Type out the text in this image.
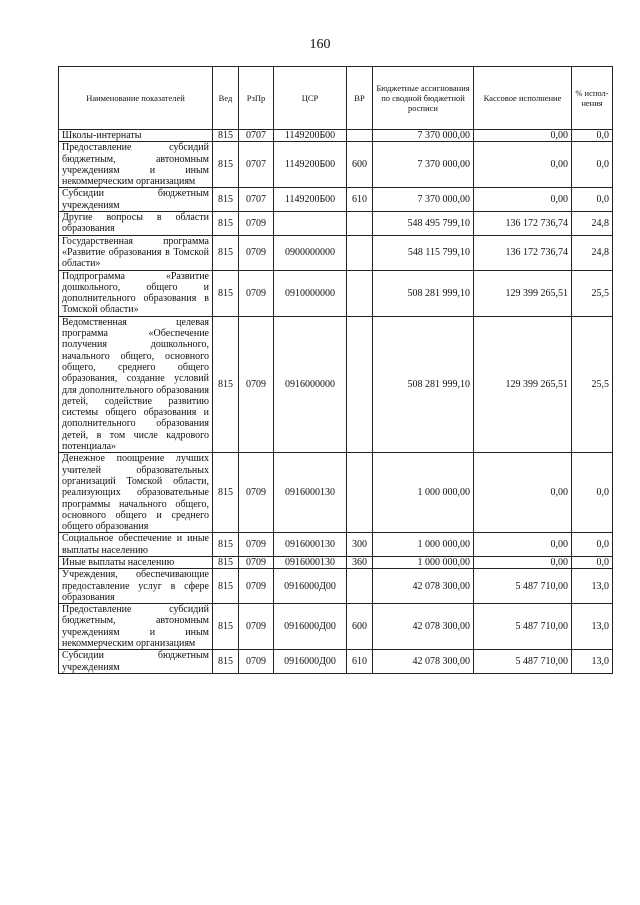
160
Наименование показателей	Вед	РзПр	ЦСР	ВР	Бюджетные ассигнования по сводной бюджетной росписи	Кассовое исполнение	% испол-нения
Школы-интернаты	815	0707	1149200Б00		7 370 000,00	0,00	0,0
Предоставление субсидий бюджетным, автономным учреждениям и иным некоммерческим организациям	815	0707	1149200Б00	600	7 370 000,00	0,00	0,0
Субсидии бюджетным учреждениям	815	0707	1149200Б00	610	7 370 000,00	0,00	0,0
Другие вопросы в области образования	815	0709			548 495 799,10	136 172 736,74	24,8
Государственная программа «Развитие образования в Томской области»	815	0709	0900000000		548 115 799,10	136 172 736,74	24,8
Подпрограмма «Развитие дошкольного, общего и дополнительного образования в Томской области»	815	0709	0910000000		508 281 999,10	129 399 265,51	25,5
Ведомственная целевая программа «Обеспечение получения дошкольного, начального общего, основного общего, среднего общего образования, создание условий для дополнительного образования детей, содействие развитию системы общего образования и дополнительного образования детей, в том числе кадрового потенциала»	815	0709	0916000000		508 281 999,10	129 399 265,51	25,5
Денежное поощрение лучших учителей образовательных организаций Томской области, реализующих образовательные программы начального общего, основного общего и среднего общего образования	815	0709	0916000130		1 000 000,00	0,00	0,0
Социальное обеспечение и иные выплаты населению	815	0709	0916000130	300	1 000 000,00	0,00	0,0
Иные выплаты населению	815	0709	0916000130	360	1 000 000,00	0,00	0,0
Учреждения, обеспечивающие предоставление услуг в сфере образования	815	0709	0916000Д00		42 078 300,00	5 487 710,00	13,0
Предоставление субсидий бюджетным, автономным учреждениям и иным некоммерческим организациям	815	0709	0916000Д00	600	42 078 300,00	5 487 710,00	13,0
Субсидии бюджетным учреждениям	815	0709	0916000Д00	610	42 078 300,00	5 487 710,00	13,0
